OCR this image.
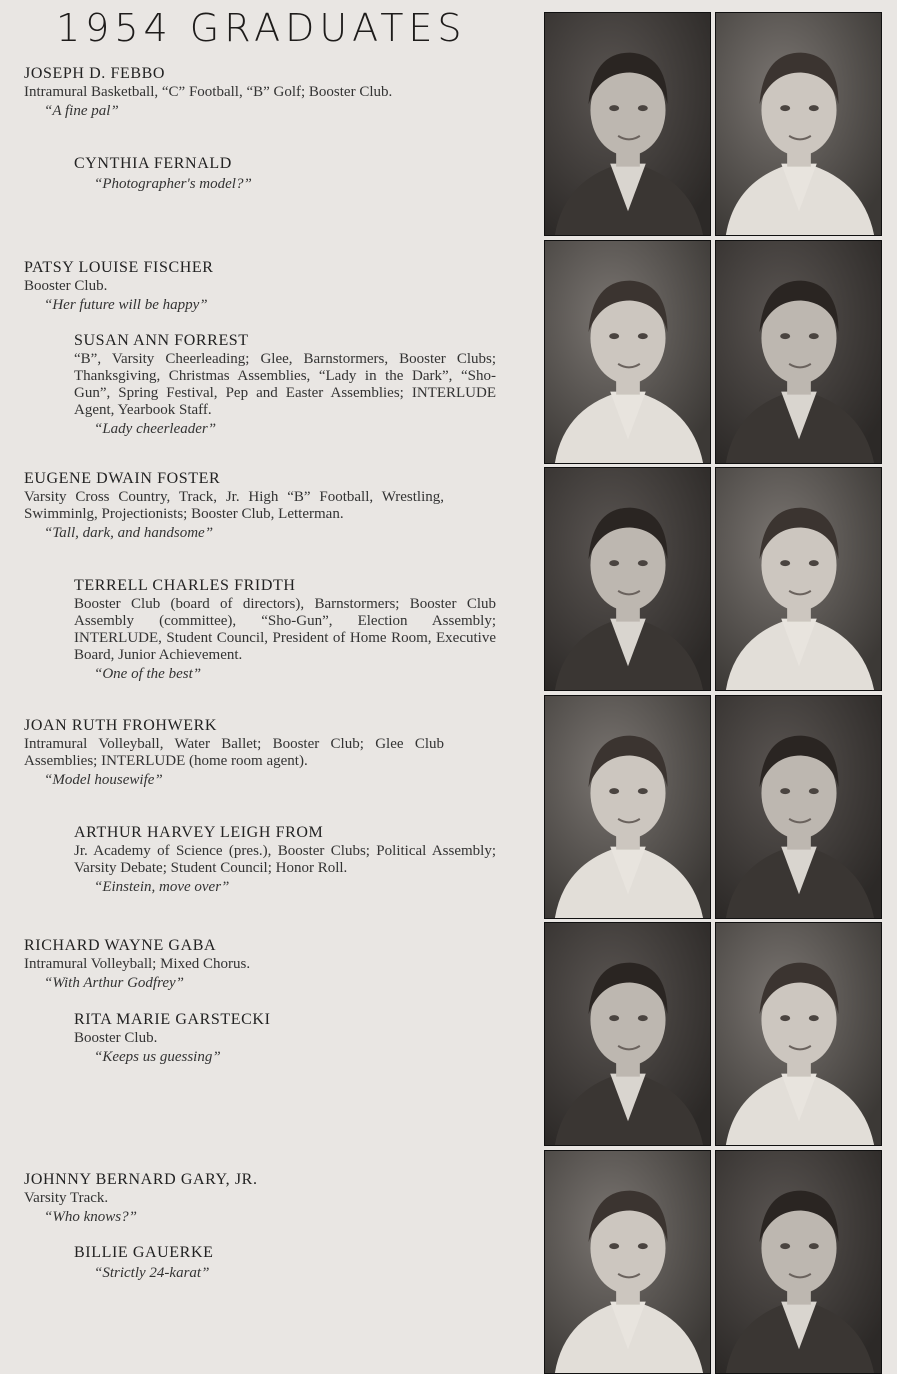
1954 GRADUATES
JOSEPH D. FEBBO
Intramural Basketball, “C” Football, “B” Golf; Booster Club.
“A fine pal”
CYNTHIA FERNALD
“Photographer's model?”
PATSY LOUISE FISCHER
Booster Club.
“Her future will be happy”
SUSAN ANN FORREST
“B”, Varsity Cheerleading; Glee, Barnstormers, Booster Clubs; Thanksgiving, Christmas Assemblies, “Lady in the Dark”, “Sho-Gun”, Spring Festival, Pep and Easter Assemblies; INTERLUDE Agent, Yearbook Staff.
“Lady cheerleader”
EUGENE DWAIN FOSTER
Varsity Cross Country, Track, Jr. High “B” Football, Wrestling, Swimminlg, Projectionists; Booster Club, Letterman.
“Tall, dark, and handsome”
TERRELL CHARLES FRIDTH
Booster Club (board of directors), Barnstormers; Booster Club Assembly (committee), “Sho-Gun”, Election Assembly; INTERLUDE, Student Council, President of Home Room, Executive Board, Junior Achievement.
“One of the best”
JOAN RUTH FROHWERK
Intramural Volleyball, Water Ballet; Booster Club; Glee Club Assemblies; INTERLUDE (home room agent).
“Model housewife”
ARTHUR HARVEY LEIGH FROM
Jr. Academy of Science (pres.), Booster Clubs; Political Assembly; Varsity Debate; Student Council; Honor Roll.
“Einstein, move over”
RICHARD WAYNE GABA
Intramural Volleyball; Mixed Chorus.
“With Arthur Godfrey”
RITA MARIE GARSTECKI
Booster Club.
“Keeps us guessing”
JOHNNY BERNARD GARY, JR.
Varsity Track.
“Who knows?”
BILLIE GAUERKE
“Strictly 24-karat”
